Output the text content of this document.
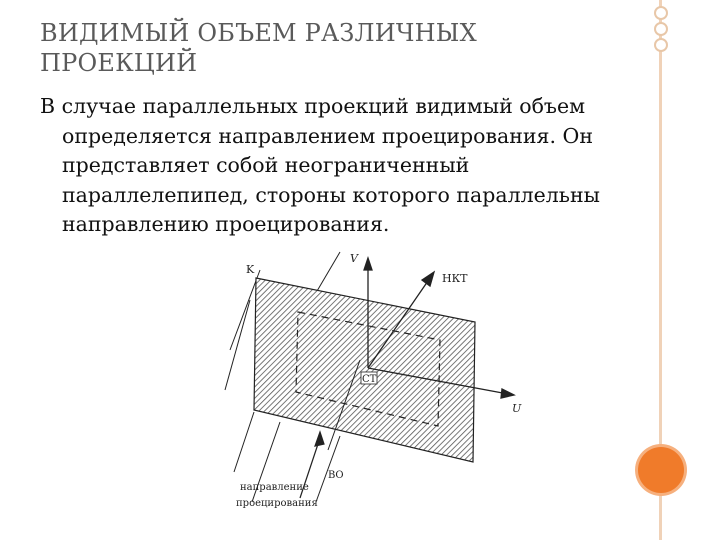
ВИДИМЫЙ ОБЪЕМ РАЗЛИЧНЫХ ПРОЕКЦИЙ
В случае параллельных проекций видимый объем определяется направлением проецирования. Он представляет собой неограниченный параллелепипед, стороны которого параллельны направлению проецирования.
K
V
НКТ
U
CT
ВО
направление
проецирования
